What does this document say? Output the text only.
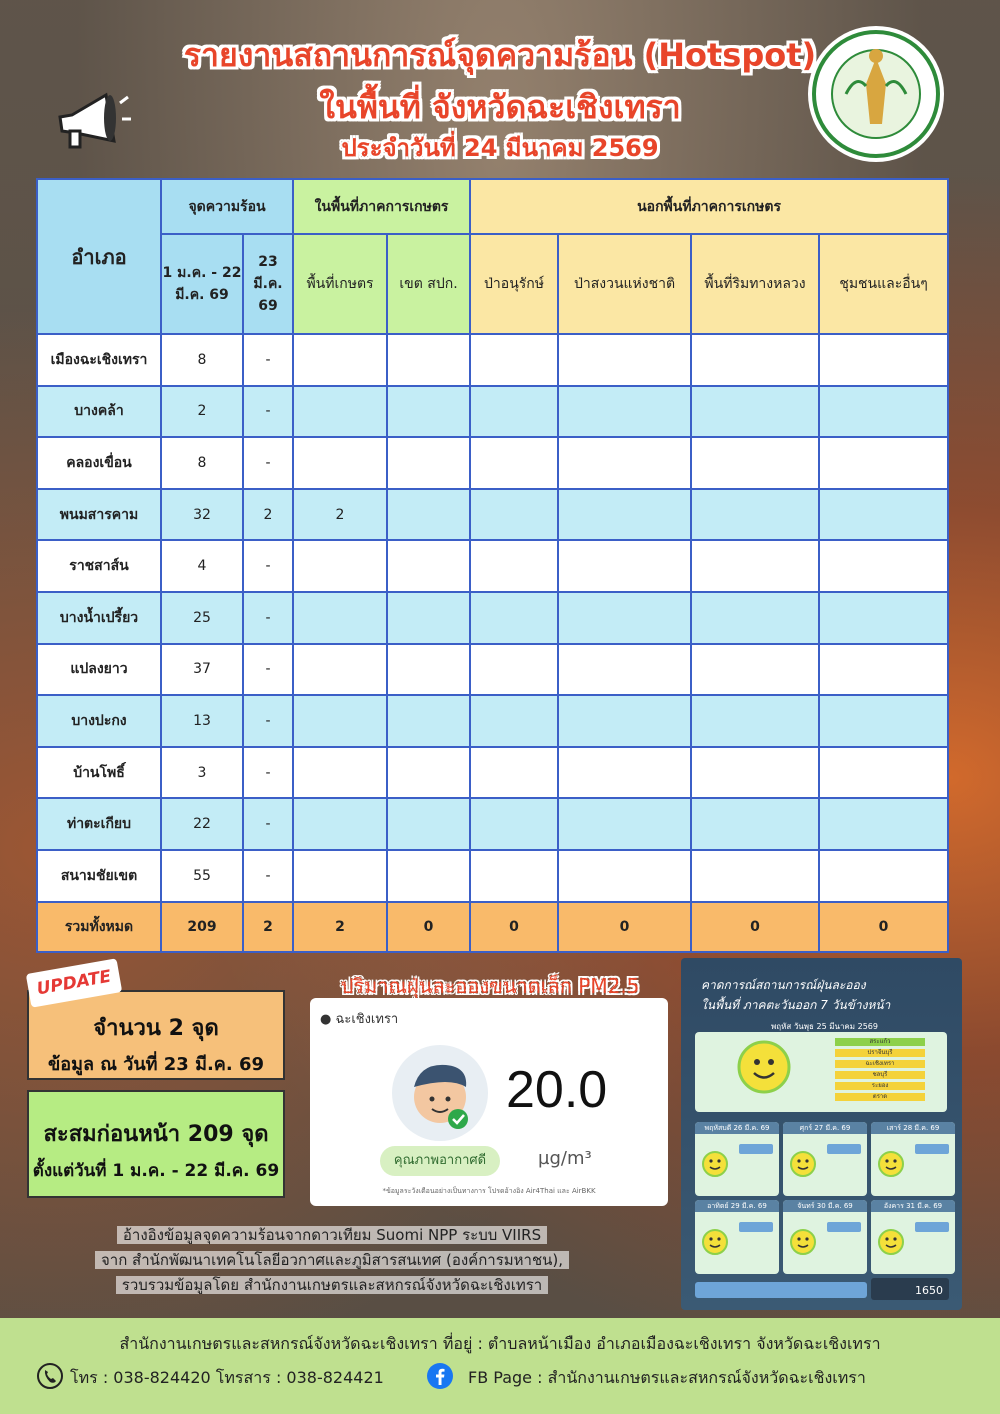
รายงานสถานการณ์จุดความร้อน (Hotspot)
ในพื้นที่ จังหวัดฉะเชิงเทรา
ประจำวันที่ 24 มีนาคม 2569
อำเภอ	จุดความร้อน		ในพื้นที่ภาคการเกษตร		นอกพื้นที่ภาคการเกษตร			
	1 ม.ค. - 22 มี.ค. 69	23 มี.ค. 69	พื้นที่เกษตร	เขต สปก.	ป่าอนุรักษ์	ป่าสงวนแห่งชาติ	พื้นที่ริมทางหลวง	ชุมชนและอื่นๆ
เมืองฉะเชิงเทรา	8	-						
บางคล้า	2	-						
คลองเขื่อน	8	-						
พนมสารคาม	32	2	2					
ราชสาส์น	4	-						
บางน้ำเปรี้ยว	25	-						
แปลงยาว	37	-						
บางปะกง	13	-						
บ้านโพธิ์	3	-						
ท่าตะเกียบ	22	-						
สนามชัยเขต	55	-						
รวมทั้งหมด	209	2	2	0	0	0	0	0
UPDATE
จำนวน 2 จุด
ข้อมูล ณ วันที่ 23 มี.ค. 69
สะสมก่อนหน้า 209 จุด
ตั้งแต่วันที่ 1 ม.ค. - 22 มี.ค. 69
ปริมาณฝุ่นละอองขนาดเล็ก PM2.5
● ฉะเชิงเทรา
20.0
คุณภาพอากาศดี	µg/m³
*ข้อมูลระวังเตือนอย่างเป็นทางการ โปรดอ้างอิง Air4Thai และ AirBKK
คาดการณ์สถานการณ์ฝุ่นละออง
ในพื้นที่ ภาคตะวันออก 7 วันข้างหน้า
พฤหัส วันพุธ 25 มีนาคม 2569
สระแก้ว
ปราจีนบุรี
ฉะเชิงเทรา
ชลบุรี
ระยอง
ตราด
พฤหัสบดี 26 มี.ค. 69	ศุกร์ 27 มี.ค. 69	เสาร์ 28 มี.ค. 69
อาทิตย์ 29 มี.ค. 69	จันทร์ 30 มี.ค. 69	อังคาร 31 มี.ค. 69
1650
อ้างอิงข้อมูลจุดความร้อนจากดาวเทียม Suomi NPP ระบบ VIIRS
จาก สำนักพัฒนาเทคโนโลยีอวกาศและภูมิสารสนเทศ (องค์การมหาชน),
รวบรวมข้อมูลโดย สำนักงานเกษตรและสหกรณ์จังหวัดฉะเชิงเทรา
สำนักงานเกษตรและสหกรณ์จังหวัดฉะเชิงเทรา ที่อยู่ : ตำบลหน้าเมือง อำเภอเมืองฉะเชิงเทรา จังหวัดฉะเชิงเทรา
โทร : 038-824420 โทรสาร : 038-824421	FB Page : สำนักงานเกษตรและสหกรณ์จังหวัดฉะเชิงเทรา
